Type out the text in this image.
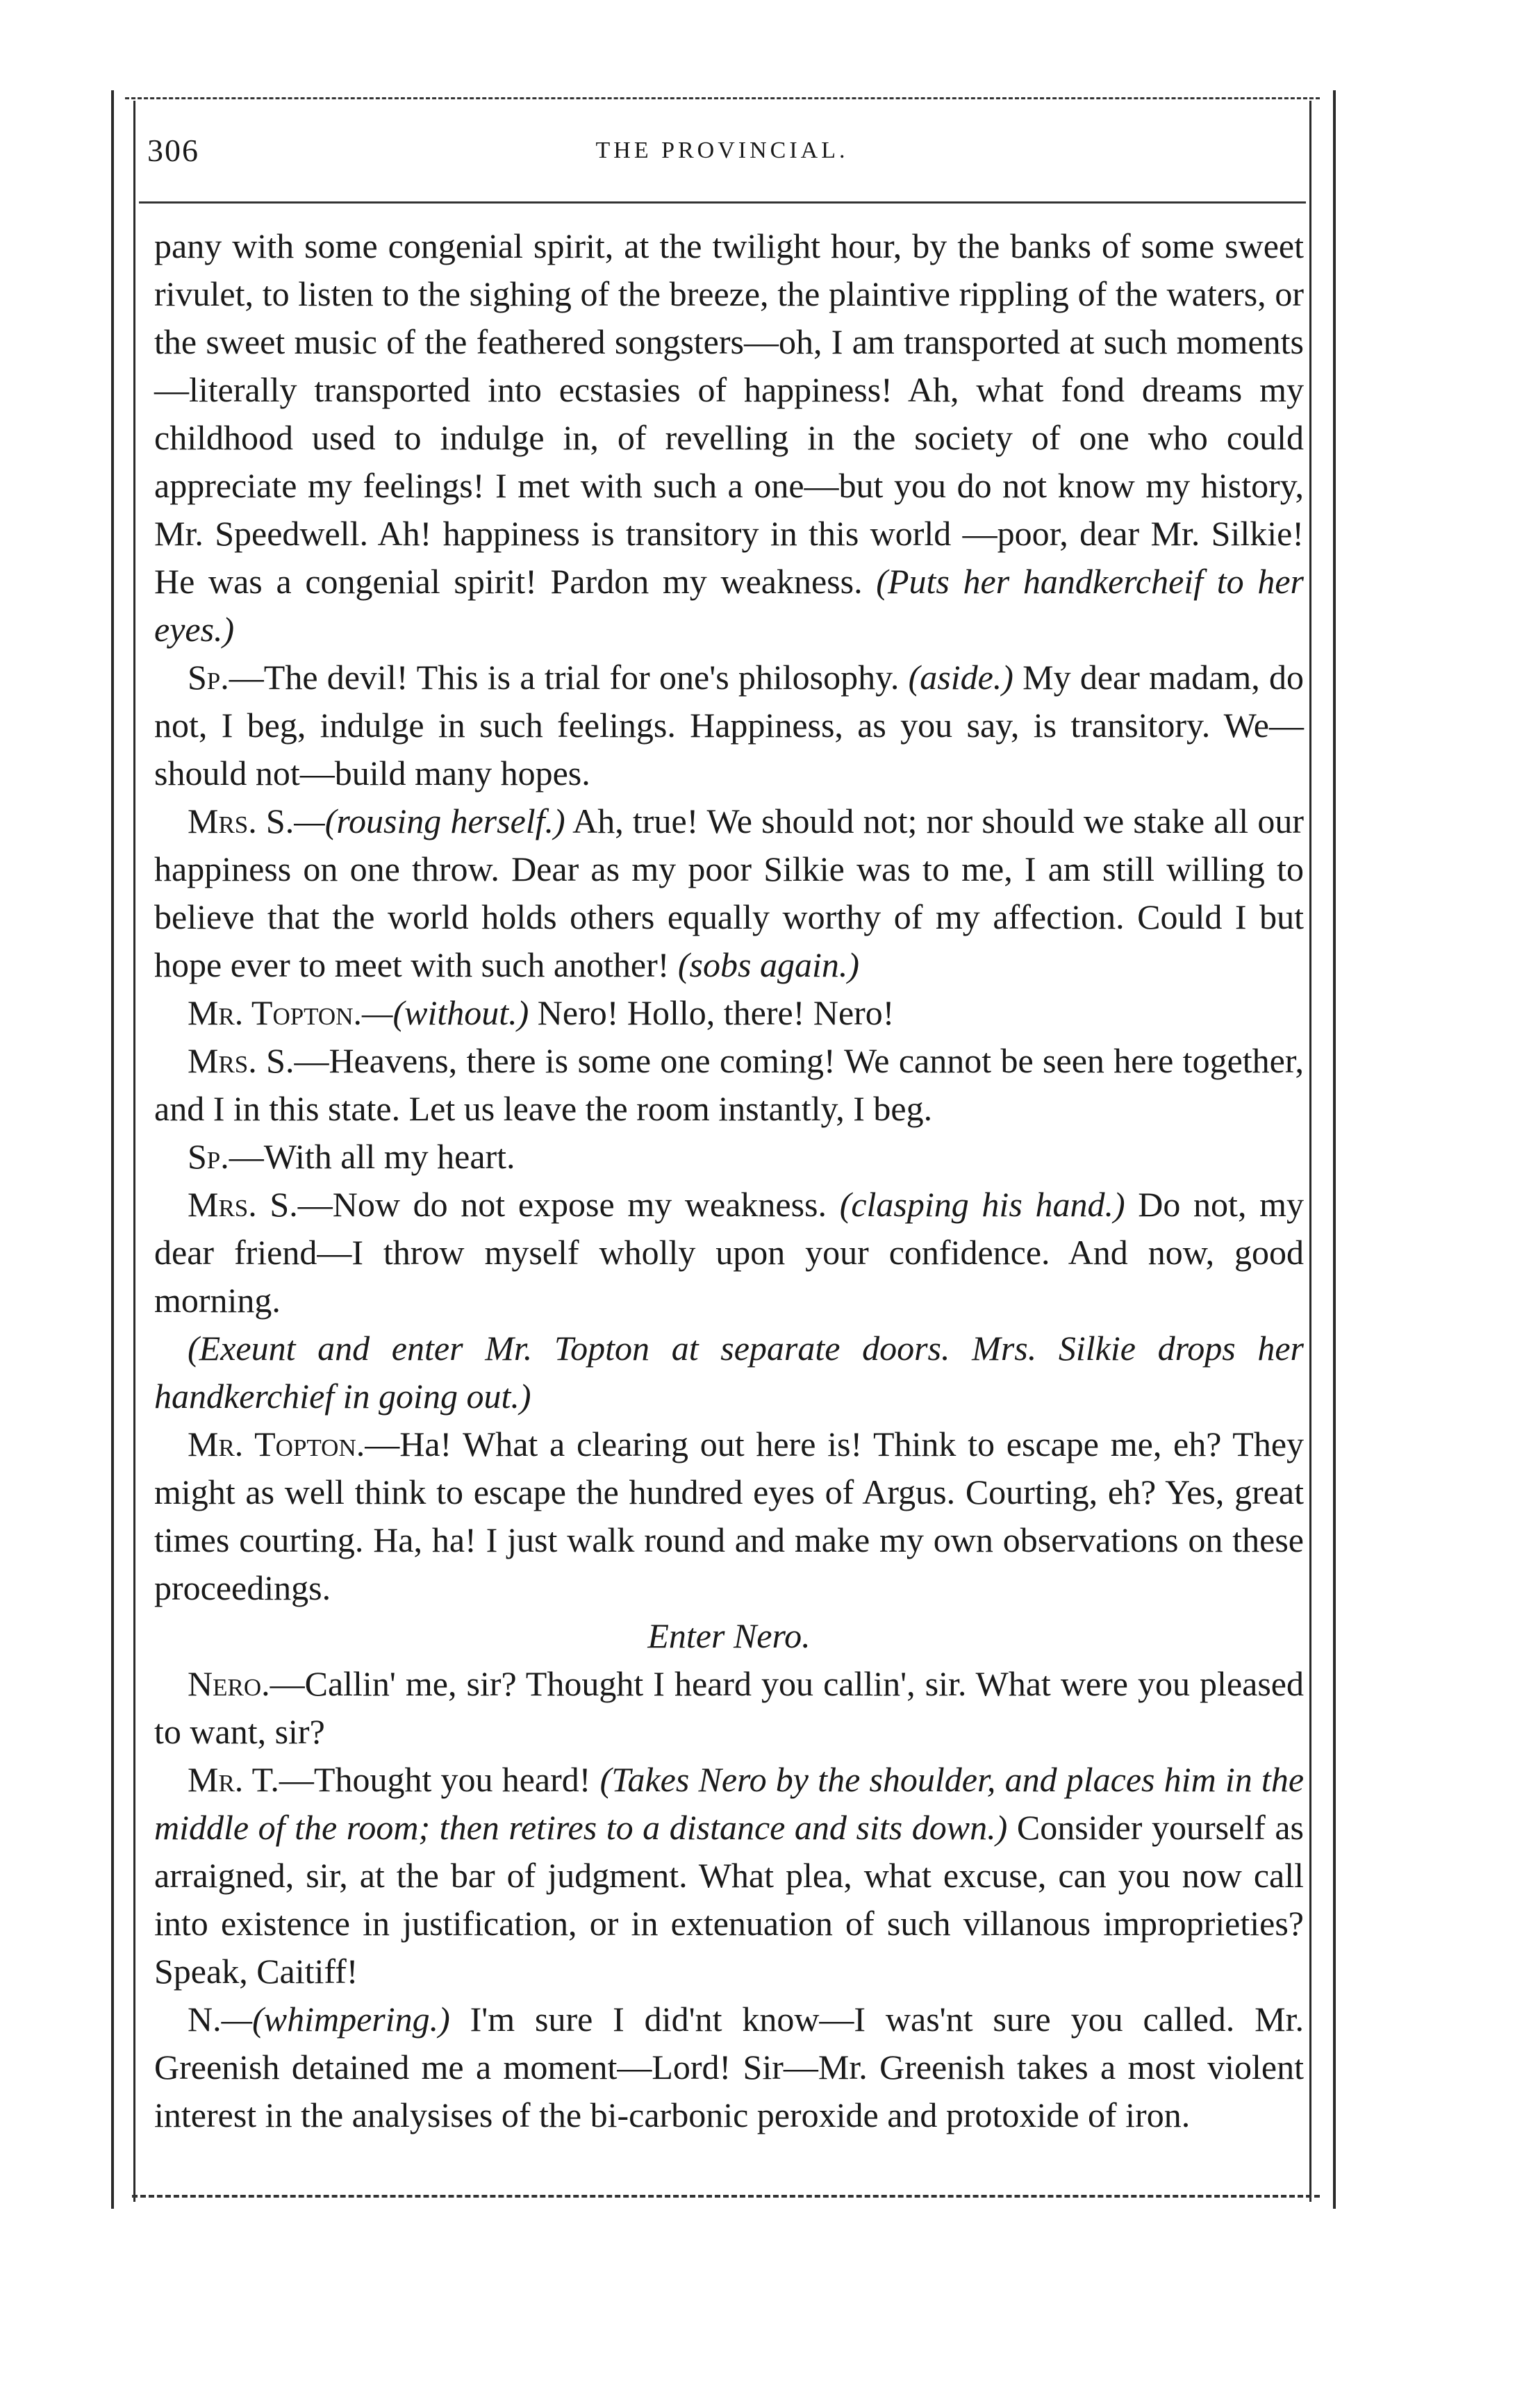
306	THE PROVINCIAL.

pany with some congenial spirit, at the twilight hour, by the banks of some sweet rivulet, to listen to the sighing of the breeze, the plaintive rippling of the waters, or the sweet music of the feathered songsters—oh, I am transported at such moments—literally transported into ecstasies of happiness! Ah, what fond dreams my childhood used to indulge in, of revelling in the society of one who could appreciate my feelings! I met with such a one—but you do not know my history, Mr. Speedwell. Ah! happiness is transitory in this world —poor, dear Mr. Silkie! He was a congenial spirit! Pardon my weakness. (Puts her handkercheif to her eyes.)

Sp.—The devil! This is a trial for one's philosophy. (aside.) My dear madam, do not, I beg, indulge in such feelings. Happiness, as you say, is transitory. We—should not—build many hopes.

Mrs. S.—(rousing herself.) Ah, true! We should not; nor should we stake all our happiness on one throw. Dear as my poor Silkie was to me, I am still willing to believe that the world holds others equally worthy of my affection. Could I but hope ever to meet with such another! (sobs again.)

Mr. Topton.—(without.) Nero! Hollo, there! Nero!

Mrs. S.—Heavens, there is some one coming! We cannot be seen here together, and I in this state. Let us leave the room instantly, I beg.

Sp.—With all my heart.

Mrs. S.—Now do not expose my weakness. (clasping his hand.) Do not, my dear friend—I throw myself wholly upon your confidence. And now, good morning.

(Exeunt and enter Mr. Topton at separate doors. Mrs. Silkie drops her handkerchief in going out.)

Mr. Topton.—Ha! What a clearing out here is! Think to escape me, eh? They might as well think to escape the hundred eyes of Argus. Courting, eh? Yes, great times courting. Ha, ha! I just walk round and make my own observations on these proceedings.

Enter Nero.

Nero.—Callin' me, sir? Thought I heard you callin', sir. What were you pleased to want, sir?

Mr. T.—Thought you heard! (Takes Nero by the shoulder, and places him in the middle of the room; then retires to a distance and sits down.) Consider yourself as arraigned, sir, at the bar of judgment. What plea, what excuse, can you now call into existence in justification, or in extenuation of such villanous improprieties? Speak, Caitiff!

N.—(whimpering.) I'm sure I did'nt know—I was'nt sure you called. Mr. Greenish detained me a moment—Lord! Sir—Mr. Greenish takes a most violent interest in the analysises of the bi-carbonic peroxide and protoxide of iron.
